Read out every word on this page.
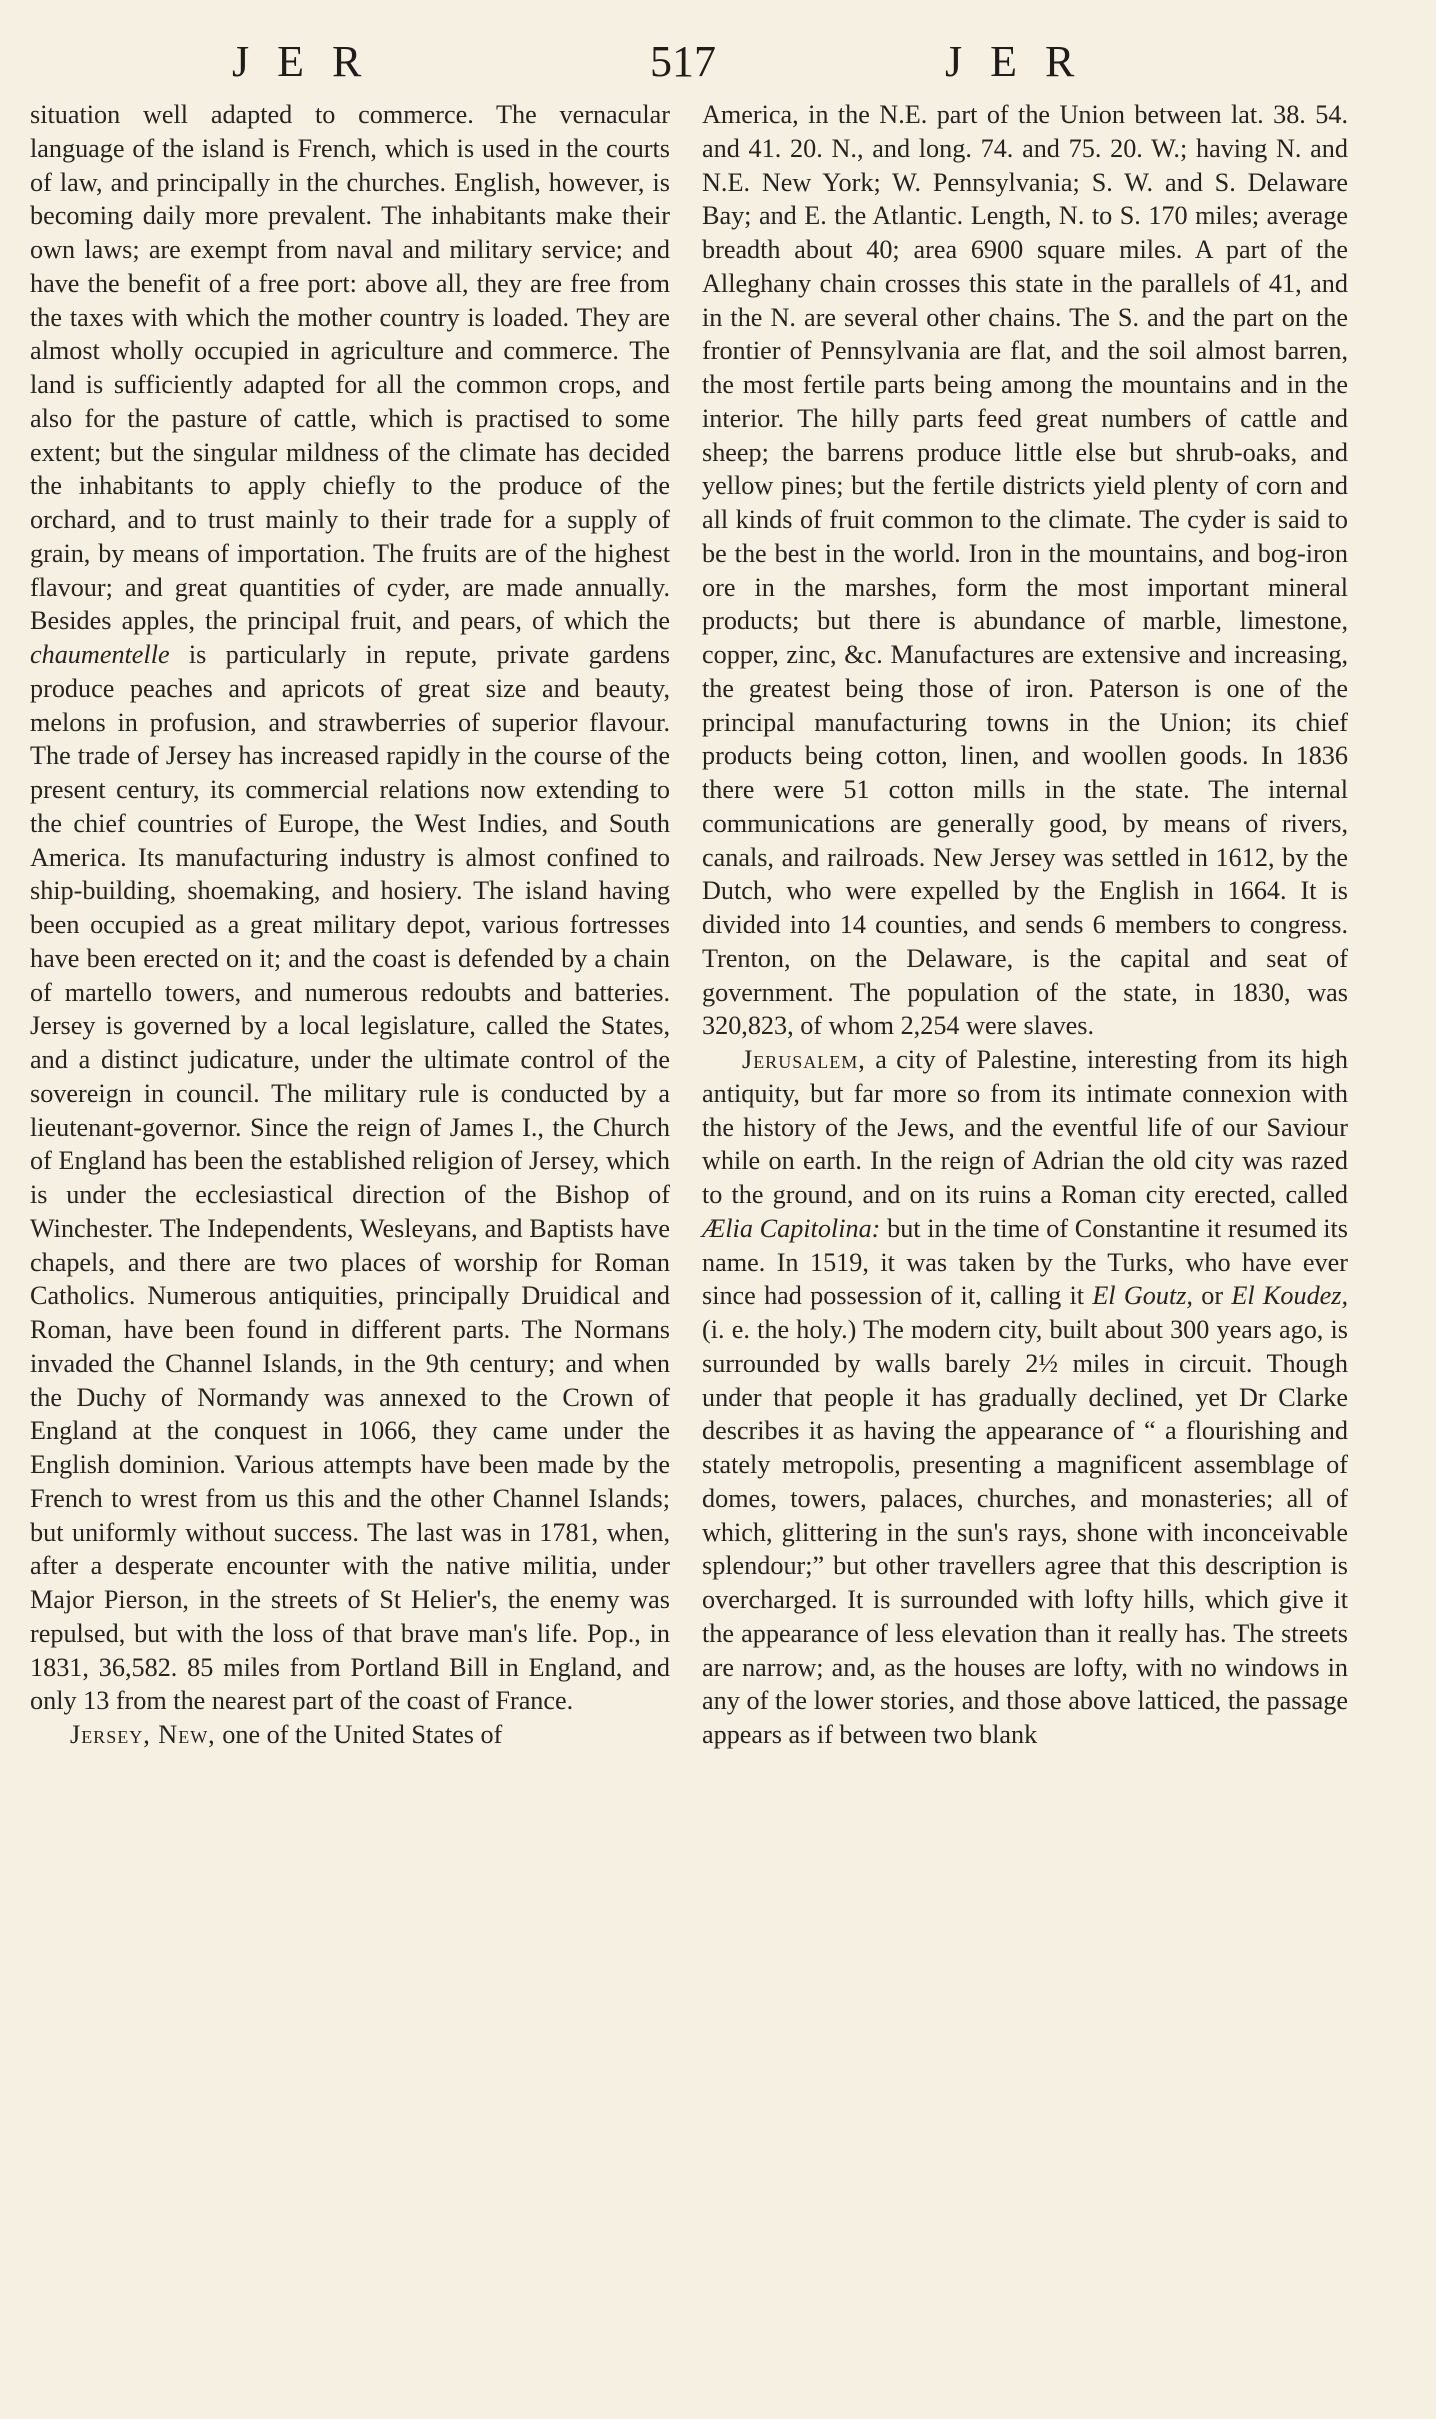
JER	517	JER

situation well adapted to commerce. The vernacular language of the island is French, which is used in the courts of law, and principally in the churches. English, however, is becoming daily more prevalent. The inhabitants make their own laws; are exempt from naval and military service; and have the benefit of a free port: above all, they are free from the taxes with which the mother country is loaded. They are almost wholly occupied in agriculture and commerce. The land is sufficiently adapted for all the common crops, and also for the pasture of cattle, which is practised to some extent; but the singular mildness of the climate has decided the inhabitants to apply chiefly to the produce of the orchard, and to trust mainly to their trade for a supply of grain, by means of importation. The fruits are of the highest flavour; and great quantities of cyder, are made annually. Besides apples, the principal fruit, and pears, of which the chaumentelle is particularly in repute, private gardens produce peaches and apricots of great size and beauty, melons in profusion, and strawberries of superior flavour. The trade of Jersey has increased rapidly in the course of the present century, its commercial relations now extending to the chief countries of Europe, the West Indies, and South America. Its manufacturing industry is almost confined to ship-building, shoemaking, and hosiery. The island having been occupied as a great military depot, various fortresses have been erected on it; and the coast is defended by a chain of martello towers, and numerous redoubts and batteries. Jersey is governed by a local legislature, called the States, and a distinct judicature, under the ultimate control of the sovereign in council. The military rule is conducted by a lieutenant-governor. Since the reign of James I., the Church of England has been the established religion of Jersey, which is under the ecclesiastical direction of the Bishop of Winchester. The Independents, Wesleyans, and Baptists have chapels, and there are two places of worship for Roman Catholics. Numerous antiquities, principally Druidical and Roman, have been found in different parts. The Normans invaded the Channel Islands, in the 9th century; and when the Duchy of Normandy was annexed to the Crown of England at the conquest in 1066, they came under the English dominion. Various attempts have been made by the French to wrest from us this and the other Channel Islands; but uniformly without success. The last was in 1781, when, after a desperate encounter with the native militia, under Major Pierson, in the streets of St Helier's, the enemy was repulsed, but with the loss of that brave man's life. Pop., in 1831, 36,582. 85 miles from Portland Bill in England, and only 13 from the nearest part of the coast of France.

Jersey, New, one of the United States of

America, in the N.E. part of the Union between lat. 38. 54. and 41. 20. N., and long. 74. and 75. 20. W.; having N. and N.E. New York; W. Pennsylvania; S. W. and S. Delaware Bay; and E. the Atlantic. Length, N. to S. 170 miles; average breadth about 40; area 6900 square miles. A part of the Alleghany chain crosses this state in the parallels of 41, and in the N. are several other chains. The S. and the part on the frontier of Pennsylvania are flat, and the soil almost barren, the most fertile parts being among the mountains and in the interior. The hilly parts feed great numbers of cattle and sheep; the barrens produce little else but shrub-oaks, and yellow pines; but the fertile districts yield plenty of corn and all kinds of fruit common to the climate. The cyder is said to be the best in the world. Iron in the mountains, and bog-iron ore in the marshes, form the most important mineral products; but there is abundance of marble, limestone, copper, zinc, &c. Manufactures are extensive and increasing, the greatest being those of iron. Paterson is one of the principal manufacturing towns in the Union; its chief products being cotton, linen, and woollen goods. In 1836 there were 51 cotton mills in the state. The internal communications are generally good, by means of rivers, canals, and railroads. New Jersey was settled in 1612, by the Dutch, who were expelled by the English in 1664. It is divided into 14 counties, and sends 6 members to congress. Trenton, on the Delaware, is the capital and seat of government. The population of the state, in 1830, was 320,823, of whom 2,254 were slaves.

Jerusalem, a city of Palestine, interesting from its high antiquity, but far more so from its intimate connexion with the history of the Jews, and the eventful life of our Saviour while on earth. In the reign of Adrian the old city was razed to the ground, and on its ruins a Roman city erected, called Ælia Capitolina: but in the time of Constantine it resumed its name. In 1519, it was taken by the Turks, who have ever since had possession of it, calling it El Goutz, or El Koudez, (i. e. the holy.) The modern city, built about 300 years ago, is surrounded by walls barely 2½ miles in circuit. Though under that people it has gradually declined, yet Dr Clarke describes it as having the appearance of “ a flourishing and stately metropolis, presenting a magnificent assemblage of domes, towers, palaces, churches, and monasteries; all of which, glittering in the sun's rays, shone with inconceivable splendour;” but other travellers agree that this description is overcharged. It is surrounded with lofty hills, which give it the appearance of less elevation than it really has. The streets are narrow; and, as the houses are lofty, with no windows in any of the lower stories, and those above latticed, the passage appears as if between two blank
